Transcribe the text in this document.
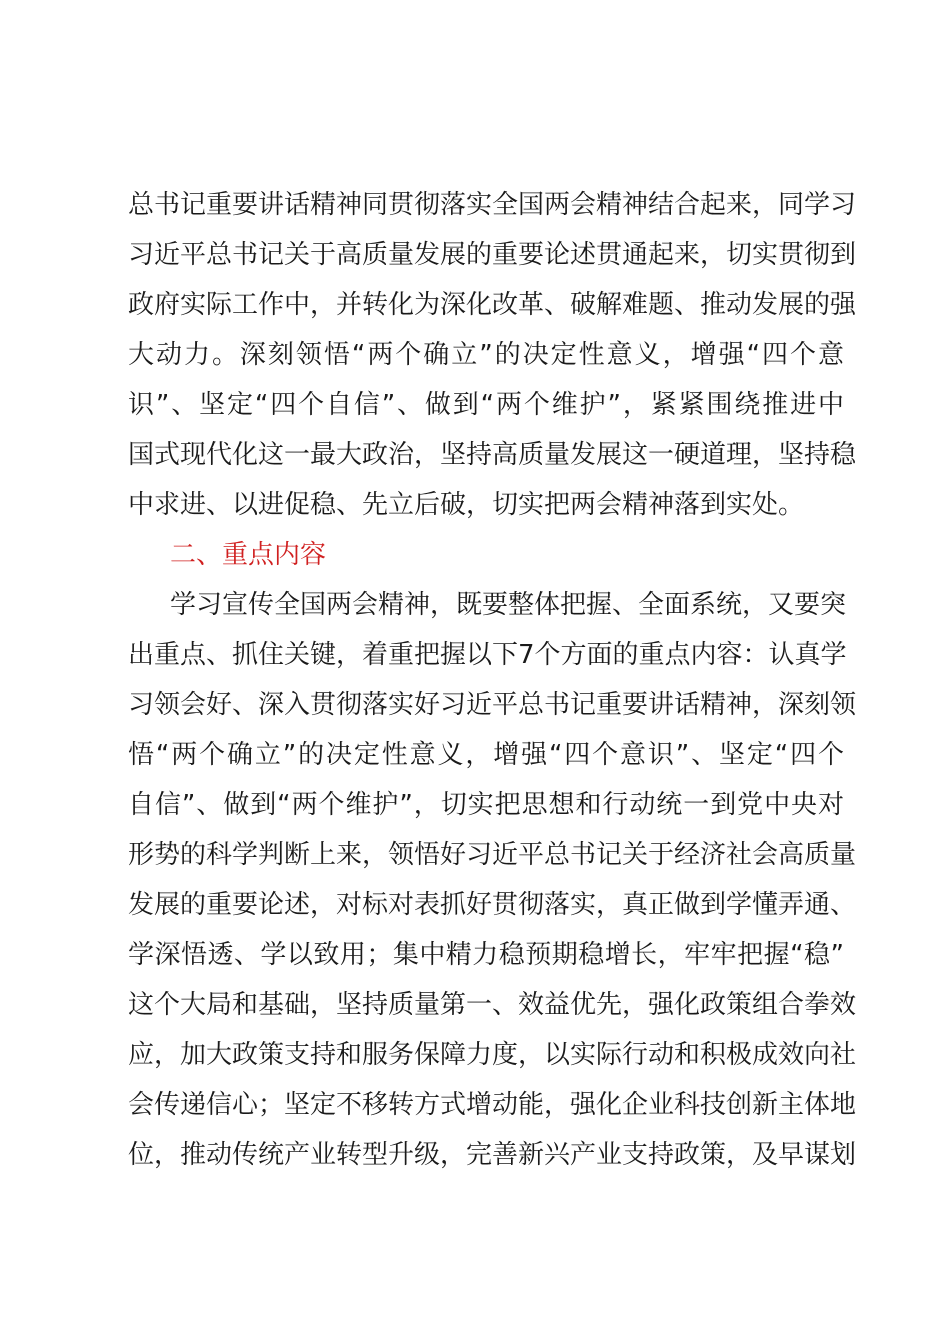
总书记重要讲话精神同贯彻落实全国两会精神结合起来，同学习
习近平总书记关于高质量发展的重要论述贯通起来，切实贯彻到
政府实际工作中，并转化为深化改革、破解难题、推动发展的强
大动力。深刻领悟“两个确立”的决定性意义，增强“四个意
识”、坚定“四个自信”、做到“两个维护”，紧紧围绕推进中
国式现代化这一最大政治，坚持高质量发展这一硬道理，坚持稳
中求进、以进促稳、先立后破，切实把两会精神落到实处。
二、重点内容
学习宣传全国两会精神，既要整体把握、全面系统，又要突
出重点、抓住关键，着重把握以下7个方面的重点内容：认真学
习领会好、深入贯彻落实好习近平总书记重要讲话精神，深刻领
悟“两个确立”的决定性意义，增强“四个意识”、坚定“四个
自信”、做到“两个维护”，切实把思想和行动统一到党中央对
形势的科学判断上来，领悟好习近平总书记关于经济社会高质量
发展的重要论述，对标对表抓好贯彻落实，真正做到学懂弄通、
学深悟透、学以致用；集中精力稳预期稳增长，牢牢把握“稳”
这个大局和基础，坚持质量第一、效益优先，强化政策组合拳效
应，加大政策支持和服务保障力度，以实际行动和积极成效向社
会传递信心；坚定不移转方式增动能，强化企业科技创新主体地
位，推动传统产业转型升级，完善新兴产业支持政策，及早谋划
